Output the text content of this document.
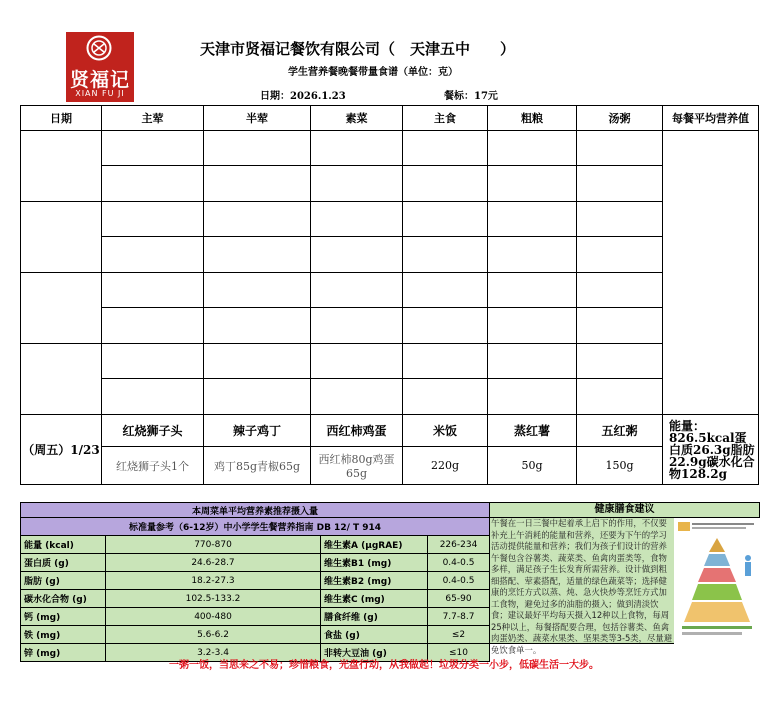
贤福记
XIAN FU JI
天津市贤福记餐饮有限公司（　天津五中　　）
学生营养餐晚餐带量食谱（单位：克）
日期：2026.1.23	餐标：17元
日期	主荤	半荤	素菜	主食	粗粮	汤粥	每餐平均营养值

（周五）1/23	红烧狮子头	辣子鸡丁	西红柿鸡蛋	米饭	蒸红薯	五红粥	能量：826.5kcal蛋白质26.3g脂肪22.9g碳水化合物128.2g
	红烧狮子头1个	鸡丁85g青椒65g	西红柿80g鸡蛋65g	220g	50g	150g	
本周菜单平均营养素推荐摄入量			
标准量参考（6-12岁）中小学学生餐营养指南 DB 12/ T 914			
能量 (kcal)	770-870	维生素A (μgRAE)	226-234
蛋白质 (g)	24.6-28.7	维生素B1 (mg)	0.4-0.5
脂肪 (g)	18.2-27.3	维生素B2 (mg)	0.4-0.5
碳水化合物 (g)	102.5-133.2	维生素C (mg)	65-90
钙 (mg)	400-480	膳食纤维 (g)	7.7-8.7
铁 (mg)	5.6-6.2	食盐 (g)	≤2
锌 (mg)	3.2-3.4	非转大豆油 (g)	≤10
健康膳食建议
午餐在一日三餐中起着承上启下的作用，不仅要补充上午消耗的能量和营养，还要为下午的学习活动提供能量和营养；我们为孩子们设计的营养午餐包含谷薯类、蔬菜类、鱼禽肉蛋类等，食物多样，满足孩子生长发育所需营养。设计做到粗细搭配、荤素搭配，适量的绿色蔬菜等；选择健康的烹饪方式以蒸、炖、急火快炒等烹饪方式加工食物，避免过多的油脂的摄入；做到清淡饮食；建议最好平均每天摄入12种以上食物，每周25种以上，每餐搭配要合理，包括谷薯类、鱼禽肉蛋奶类、蔬菜水果类、坚果类等3-5类，尽量避免饮食单一。
一粥一饭，当思来之不易；珍惜粮食，光盘行动，从我做起！垃圾分类一小步，低碳生活一大步。
